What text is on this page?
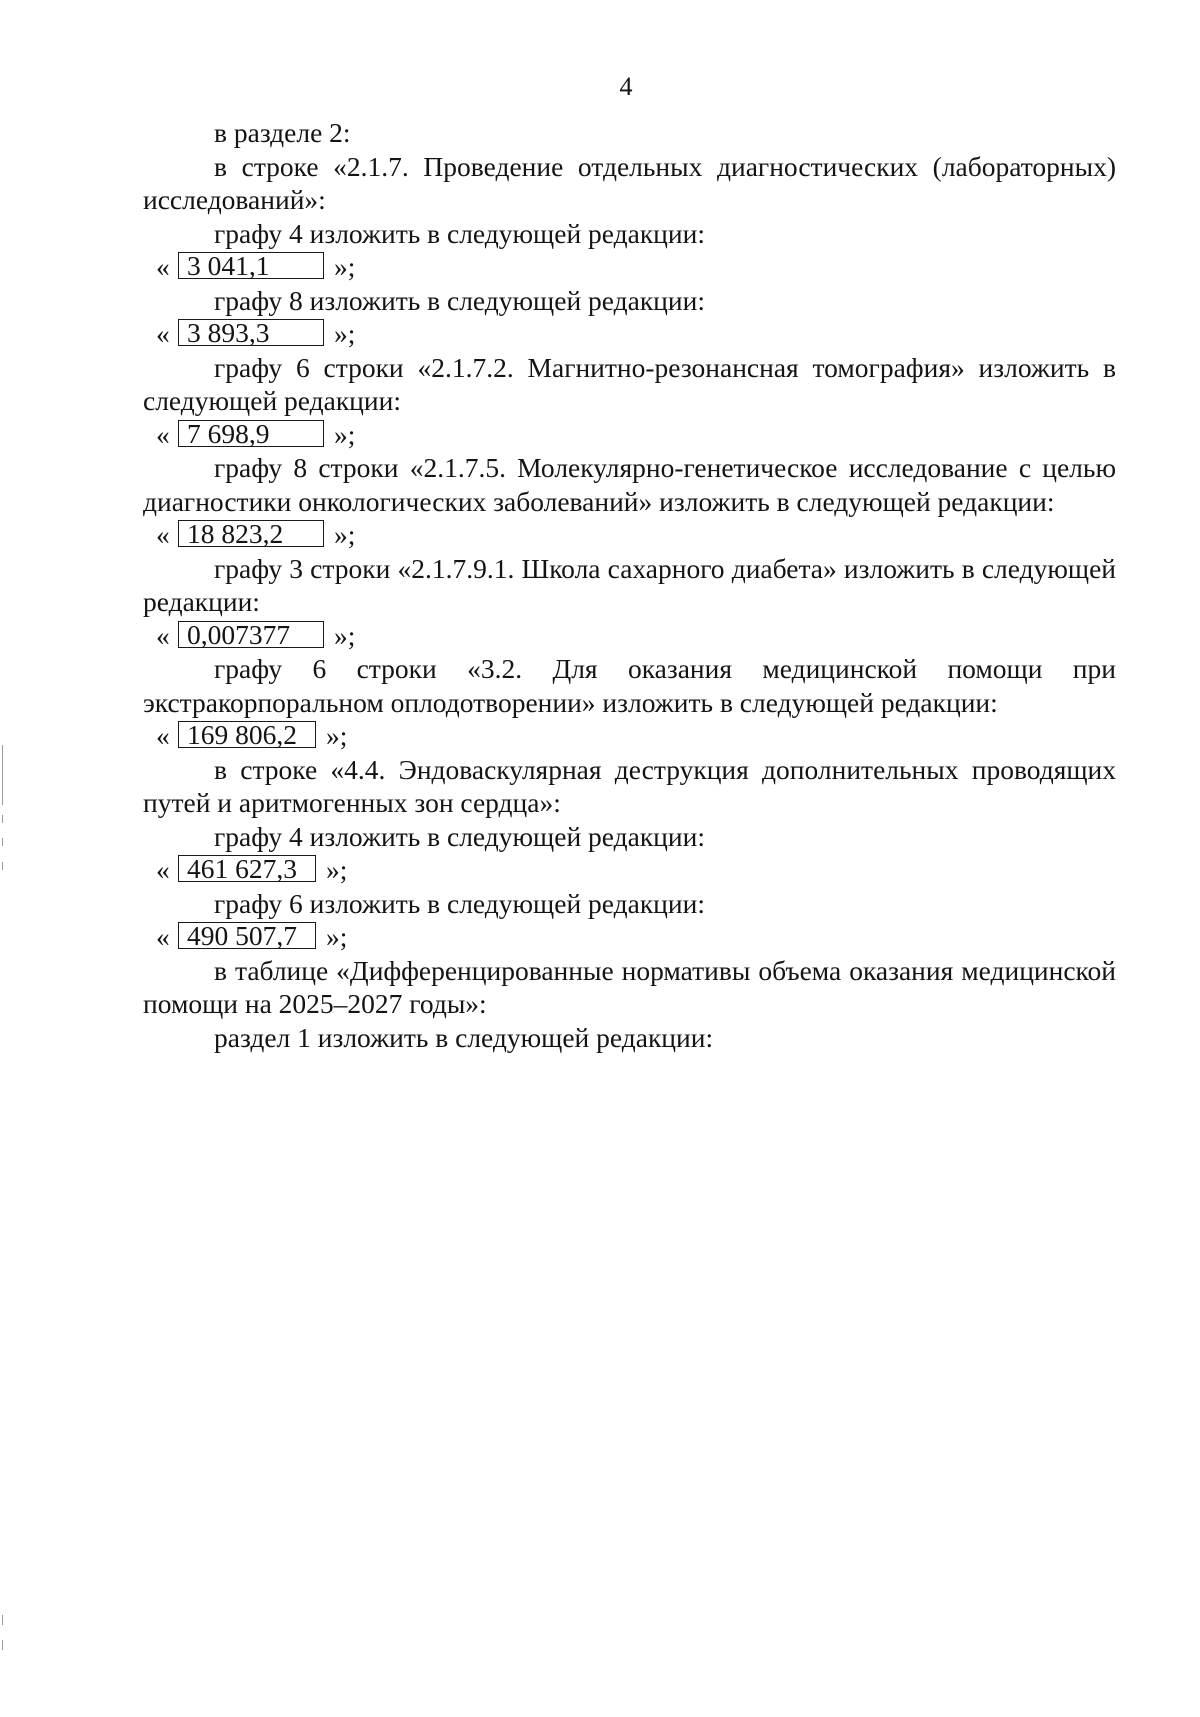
4

в разделе 2:

в строке «2.1.7. Проведение отдельных диагностических (лабораторных) исследований»:

графу 4 изложить в следующей редакции:

« 3 041,1	»;

графу 8 изложить в следующей редакции:

« 3 893,3	»;

графу 6 строки «2.1.7.2. Магнитно-резонансная томография» изложить в следующей редакции:

« 7 698,9	»;

графу 8 строки «2.1.7.5. Молекулярно-генетическое исследование с целью диагностики онкологических заболеваний» изложить в следующей редакции:

« 18 823,2	»;

графу 3 строки «2.1.7.9.1. Школа сахарного диабета» изложить в следующей редакции:

« 0,007377	»;

графу 6 строки «3.2. Для оказания медицинской помощи при экстракорпоральном оплодотворении» изложить в следующей редакции:

« 169 806,2	»;

в строке «4.4. Эндоваскулярная деструкция дополнительных проводящих путей и аритмогенных зон сердца»:

графу 4 изложить в следующей редакции:

« 461 627,3	»;

графу 6 изложить в следующей редакции:

« 490 507,7	»;

в таблице «Дифференцированные нормативы объема оказания медицинской помощи на 2025–2027 годы»:

раздел 1 изложить в следующей редакции:
